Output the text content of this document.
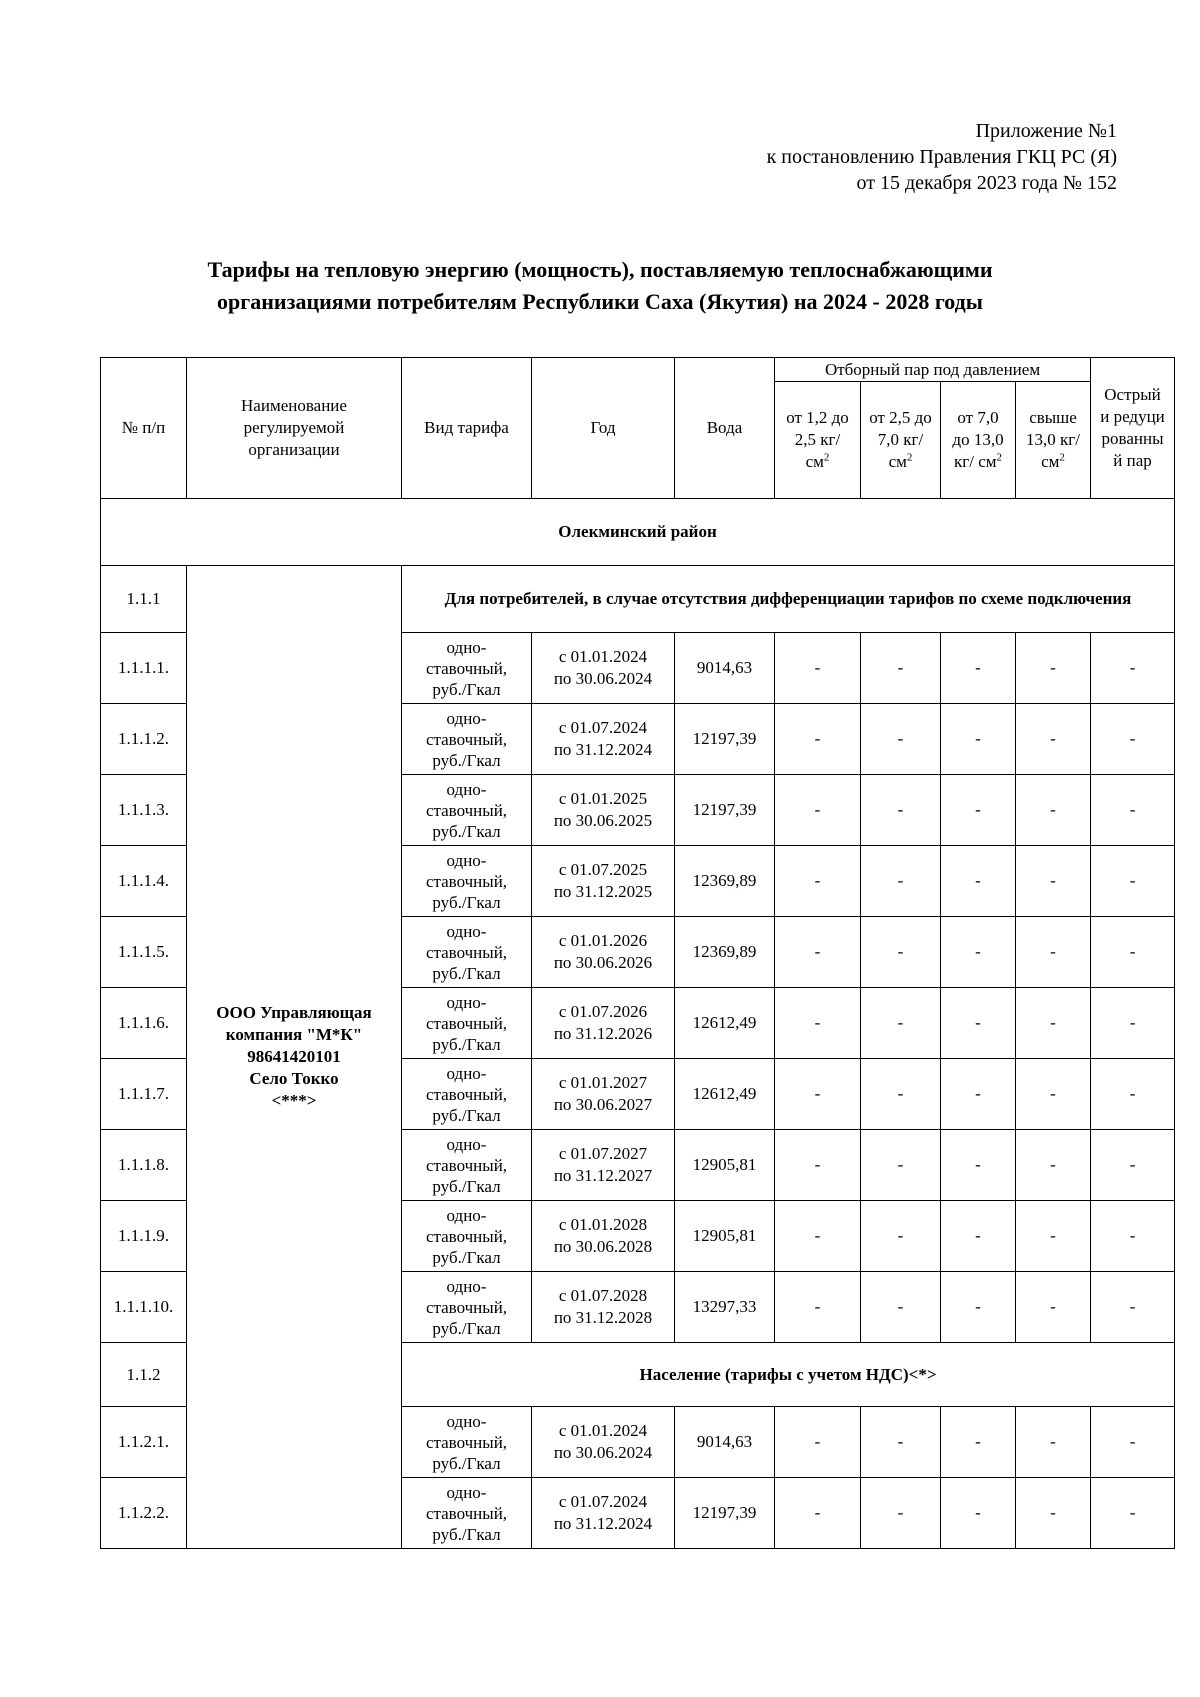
Приложение №1
к постановлению Правления ГКЦ РС (Я)
от 15 декабря 2023 года № 152
Тарифы на тепловую энергию (мощность), поставляемую теплоснабжающими
организациями потребителям Республики Саха (Якутия) на 2024 - 2028 годы
№ п/п	Наименование регулируемой организации	Вид тарифа	Год	Вода	Отборный пар под давлением				Острый и редуцированный пар
					от 1,2 до 2,5 кг/ $см^2$	от 2,5 до 7,0 кг/ $см^2$	от 7,0 до 13,0 кг/ $см^2$	свыше 13,0 кг/ $см^2$
Олекминский район									
1.1.1	ООО Управляющая
компания "М*К"
98641420101
Село Токко
<***>	Для потребителей, в случае отсутствия дифференциации тарифов по схеме подключения							
1.1.1.1.		одно-ставочный, руб./Гкал	с 01.01.2024
по 30.06.2024	9014,63	-	-	-	-	-
1.1.1.2.		одно-ставочный, руб./Гкал	с 01.07.2024
по 31.12.2024	12197,39	-	-	-	-	-
1.1.1.3.		одно-ставочный, руб./Гкал	с 01.01.2025
по 30.06.2025	12197,39	-	-	-	-	-
1.1.1.4.		одно-ставочный, руб./Гкал	с 01.07.2025
по 31.12.2025	12369,89	-	-	-	-	-
1.1.1.5.		одно-ставочный, руб./Гкал	с 01.01.2026
по 30.06.2026	12369,89	-	-	-	-	-
1.1.1.6.		одно-ставочный, руб./Гкал	с 01.07.2026
по 31.12.2026	12612,49	-	-	-	-	-
1.1.1.7.		одно-ставочный, руб./Гкал	с 01.01.2027
по 30.06.2027	12612,49	-	-	-	-	-
1.1.1.8.		одно-ставочный, руб./Гкал	с 01.07.2027
по 31.12.2027	12905,81	-	-	-	-	-
1.1.1.9.		одно-ставочный, руб./Гкал	с 01.01.2028
по 30.06.2028	12905,81	-	-	-	-	-
1.1.1.10.		одно-ставочный, руб./Гкал	с 01.07.2028
по 31.12.2028	13297,33	-	-	-	-	-
1.1.2		Население (тарифы с учетом НДС)<*>							
1.1.2.1.		одно-ставочный, руб./Гкал	с 01.01.2024
по 30.06.2024	9014,63	-	-	-	-	-
1.1.2.2.		одно-ставочный, руб./Гкал	с 01.07.2024
по 31.12.2024	12197,39	-	-	-	-	-
